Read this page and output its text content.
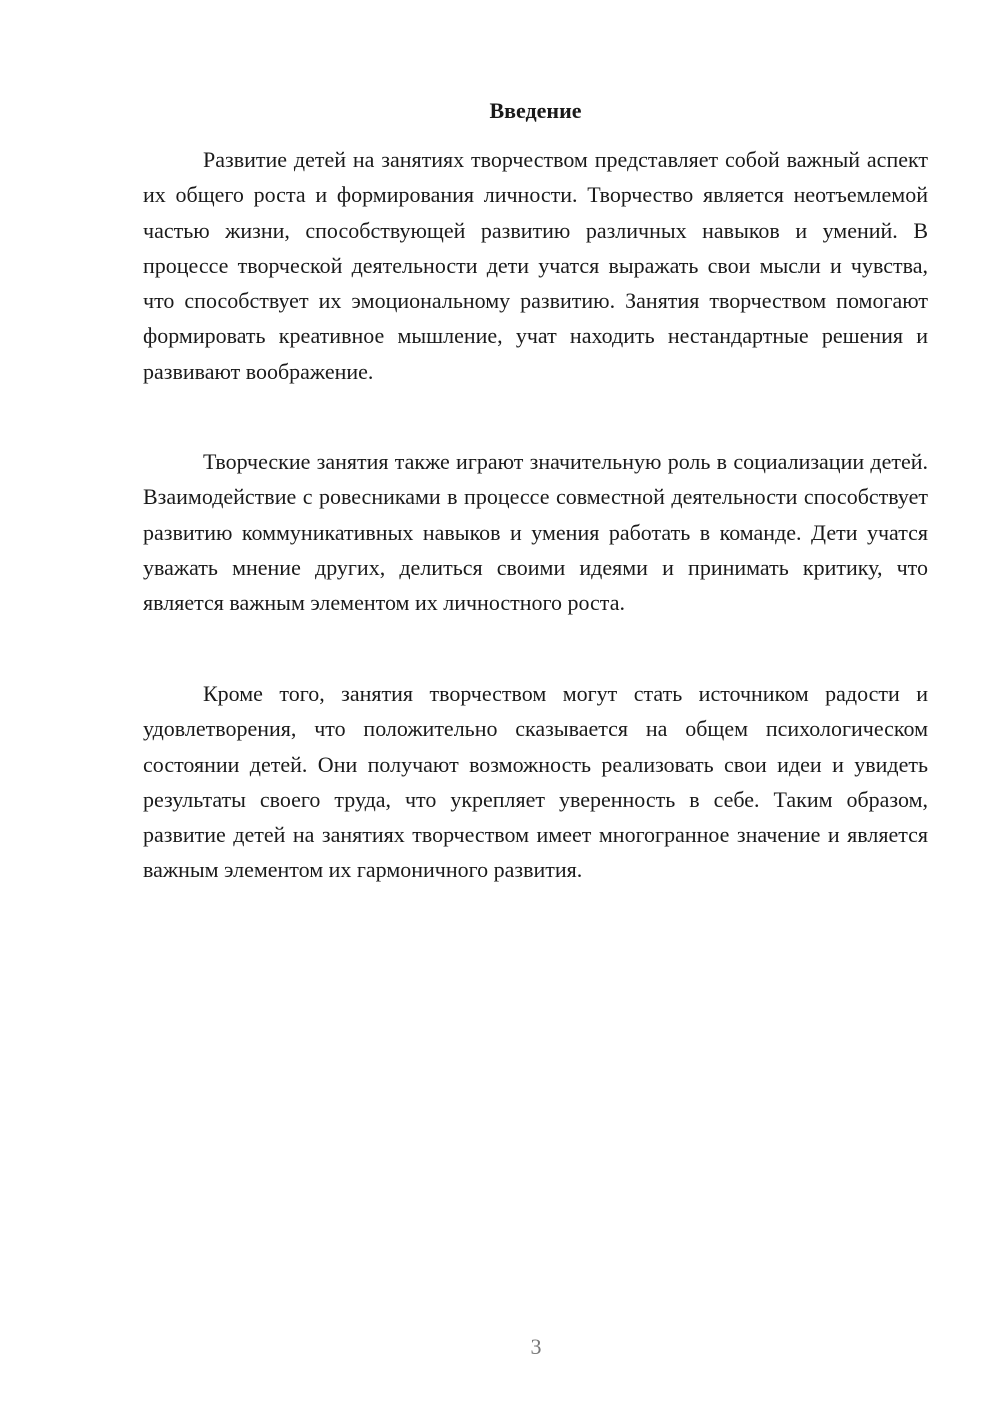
Введение

Развитие детей на занятиях творчеством представляет собой важный аспект их общего роста и формирования личности. Творчество является неотъемлемой частью жизни, способствующей развитию различных навыков и умений. В процессе творческой деятельности дети учатся выражать свои мысли и чувства, что способствует их эмоциональному развитию. Занятия творчеством помогают формировать креативное мышление, учат находить нестандартные решения и развивают воображение.

Творческие занятия также играют значительную роль в социализации детей. Взаимодействие с ровесниками в процессе совместной деятельности способствует развитию коммуникативных навыков и умения работать в команде. Дети учатся уважать мнение других, делиться своими идеями и принимать критику, что является важным элементом их личностного роста.

Кроме того, занятия творчеством могут стать источником радости и удовлетворения, что положительно сказывается на общем психологическом состоянии детей. Они получают возможность реализовать свои идеи и увидеть результаты своего труда, что укрепляет уверенность в себе. Таким образом, развитие детей на занятиях творчеством имеет многогранное значение и является важным элементом их гармоничного развития.

3
